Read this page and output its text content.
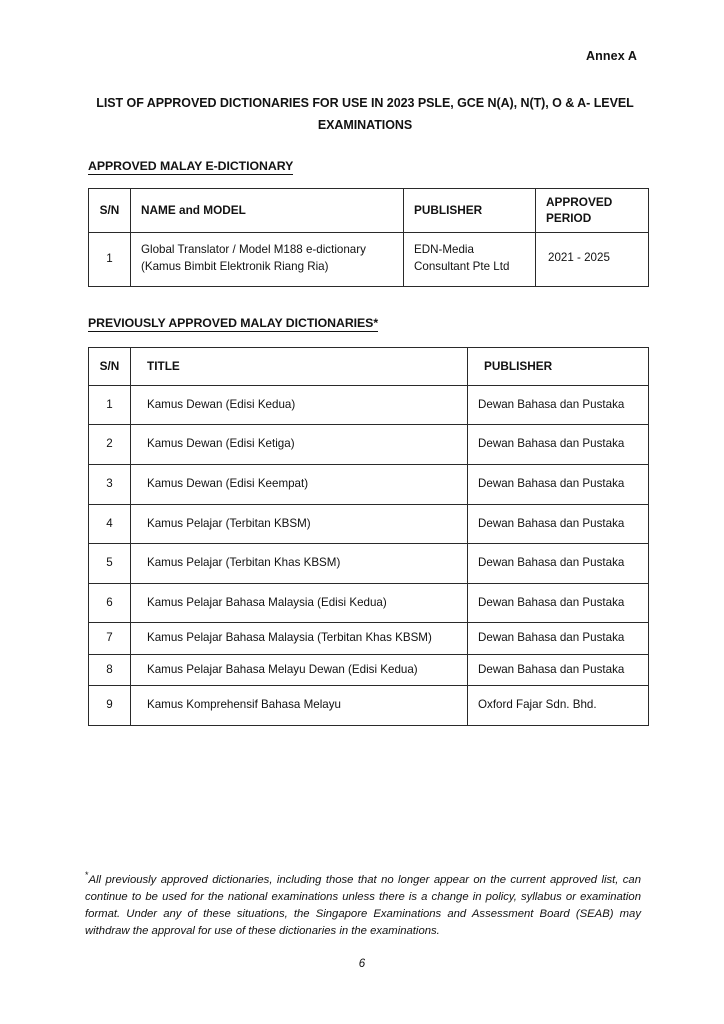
Annex A
LIST OF APPROVED DICTIONARIES FOR USE IN 2023 PSLE, GCE N(A), N(T), O & A- LEVEL EXAMINATIONS
APPROVED MALAY E-DICTIONARY
S/N	NAME and MODEL	PUBLISHER	APPROVED
PERIOD

1	Global Translator / Model M188 e-dictionary (Kamus Bimbit Elektronik Riang Ria)	EDN-Media Consultant Pte Ltd	2021 - 2025
PREVIOUSLY APPROVED MALAY DICTIONARIES*
S/N	TITLE	PUBLISHER

1	Kamus Dewan (Edisi Kedua)	Dewan Bahasa dan Pustaka

2	Kamus Dewan (Edisi Ketiga)	Dewan Bahasa dan Pustaka

3	Kamus Dewan (Edisi Keempat)	Dewan Bahasa dan Pustaka

4	Kamus Pelajar (Terbitan KBSM)	Dewan Bahasa dan Pustaka

5	Kamus Pelajar (Terbitan Khas KBSM)	Dewan Bahasa dan Pustaka

6	Kamus Pelajar Bahasa Malaysia (Edisi Kedua)	Dewan Bahasa dan Pustaka

7	Kamus Pelajar Bahasa Malaysia (Terbitan Khas KBSM)	Dewan Bahasa dan Pustaka

8	Kamus Pelajar Bahasa Melayu Dewan (Edisi Kedua)	Dewan Bahasa dan Pustaka

9	Kamus Komprehensif Bahasa Melayu	Oxford Fajar Sdn. Bhd.
*All previously approved dictionaries, including those that no longer appear on the current approved list, can continue to be used for the national examinations unless there is a change in policy, syllabus or examination format. Under any of these situations, the Singapore Examinations and Assessment Board (SEAB) may withdraw the approval for use of these dictionaries in the examinations.
6
